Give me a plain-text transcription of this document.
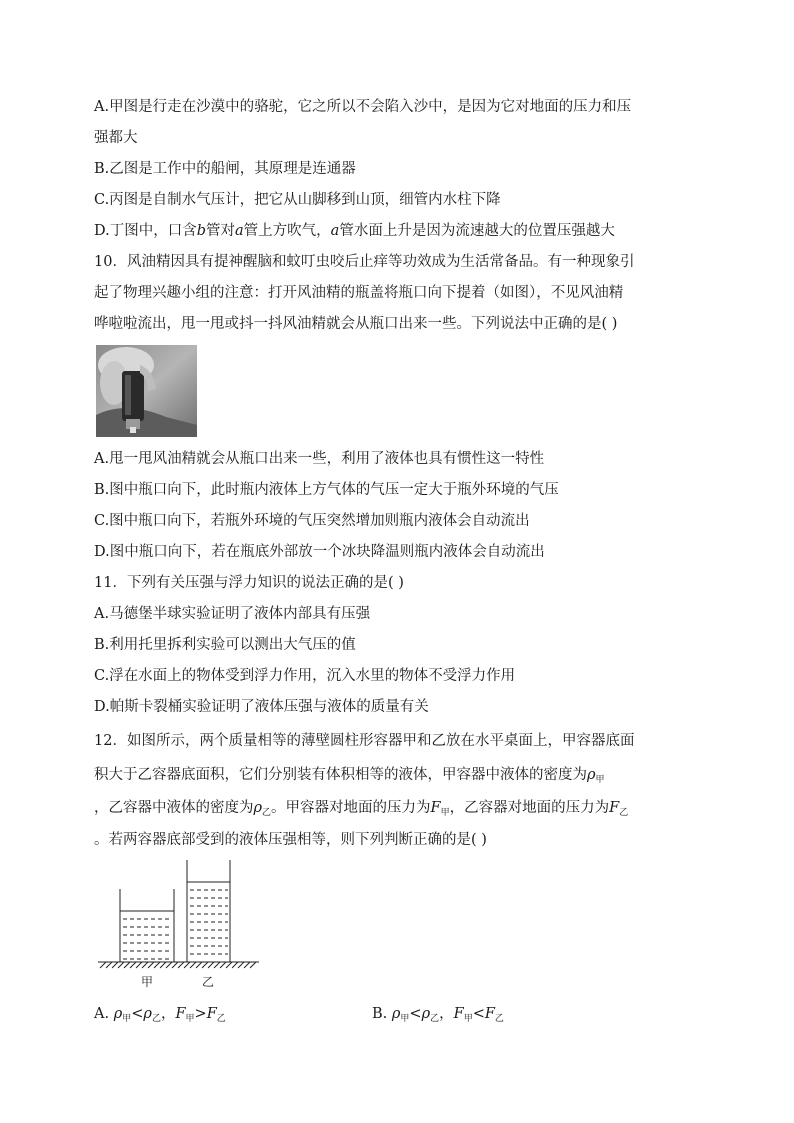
A.甲图是行走在沙漠中的骆驼，它之所以不会陷入沙中，是因为它对地面的压力和压
强都大
B.乙图是工作中的船闸，其原理是连通器
C.丙图是自制水气压计，把它从山脚移到山顶，细管内水柱下降
D.丁图中，口含b管对a管上方吹气，a管水面上升是因为流速越大的位置压强越大
10．风油精因具有提神醒脑和蚊叮虫咬后止痒等功效成为生活常备品。有一种现象引
起了物理兴趣小组的注意：打开风油精的瓶盖将瓶口向下提着（如图），不见风油精
哗啦啦流出，甩一甩或抖一抖风油精就会从瓶口出来一些。下列说法中正确的是( )
A.甩一甩风油精就会从瓶口出来一些，利用了液体也具有惯性这一特性
B.图中瓶口向下，此时瓶内液体上方气体的气压一定大于瓶外环境的气压
C.图中瓶口向下，若瓶外环境的气压突然增加则瓶内液体会自动流出
D.图中瓶口向下，若在瓶底外部放一个冰块降温则瓶内液体会自动流出
11．下列有关压强与浮力知识的说法正确的是( )
A.马德堡半球实验证明了液体内部具有压强
B.利用托里拆利实验可以测出大气压的值
C.浮在水面上的物体受到浮力作用，沉入水里的物体不受浮力作用
D.帕斯卡裂桶实验证明了液体压强与液体的质量有关
12．如图所示，两个质量相等的薄壁圆柱形容器甲和乙放在水平桌面上，甲容器底面
积大于乙容器底面积，它们分别装有体积相等的液体，甲容器中液体的密度为$\rho_甲$
，乙容器中液体的密度为$\rho_乙$。甲容器对地面的压力为$F_甲$，乙容器对地面的压力为$F_乙$
。若两容器底部受到的液体压强相等，则下列判断正确的是( )
甲	乙
A. $\rho_甲<\rho_乙$，$F_甲>F_乙$	B. $\rho_甲<\rho_乙$，$F_甲<F_乙$
